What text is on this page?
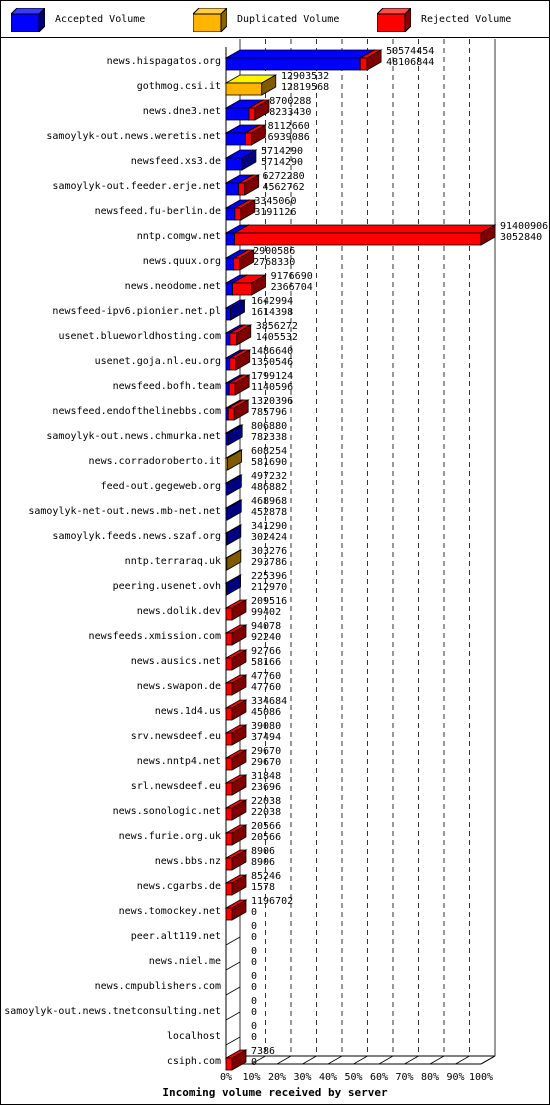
Accepted Volume	Duplicated Volume	Rejected Volume
0% 10% 20% 30% 40% 50% 60% 70% 80% 90% 100%
news.hispagatos.org
50574454
48106844
gothmog.csi.it
12903532
12819568
news.dne3.net
8700288
8233430
samoylyk-out.news.weretis.net
8112660
6939086
newsfeed.xs3.de
5714290
5714290
samoylyk-out.feeder.erje.net
6272280
4562762
newsfeed.fu-berlin.de
3345060
3191126
nntp.comgw.net
91400906
3052840
news.quux.org
2900586
2768330
news.neodome.net
9176690
2366704
newsfeed-ipv6.pionier.net.pl
1642994
1614398
usenet.blueworldhosting.com
3856272
1405532
usenet.goja.nl.eu.org
1486640
1350546
newsfeed.bofh.team
1799124
1140596
newsfeed.endofthelinebbs.com
1320396
785796
samoylyk-out.news.chmurka.net
806880
782338
news.corradoroberto.it
608254
581690
feed-out.gegeweb.org
497232
486882
samoylyk-net-out.news.mb-net.net
468968
452878
samoylyk.feeds.news.szaf.org
341290
302424
nntp.terraraq.uk
303276
293786
peering.usenet.ovh
225396
212970
news.dolik.dev
209516
99402
newsfeeds.xmission.com
94078
92240
news.ausics.net
92766
58166
news.swapon.de
47760
47760
news.1d4.us
334684
45086
srv.newsdeef.eu
39080
37494
news.nntp4.net
29670
29670
srl.newsdeef.eu
31848
23696
news.sonologic.net
22038
22038
news.furie.org.uk
20566
20566
news.bbs.nz
8906
8906
news.cgarbs.de
85246
1578
news.tomockey.net
1196702
0
peer.alt119.net
0
0
news.niel.me
0
0
news.cmpublishers.com
0
0
samoylyk-out.news.tnetconsulting.net
0
0
localhost
0
0
csiph.com
7386
0
Incoming volume received by server
